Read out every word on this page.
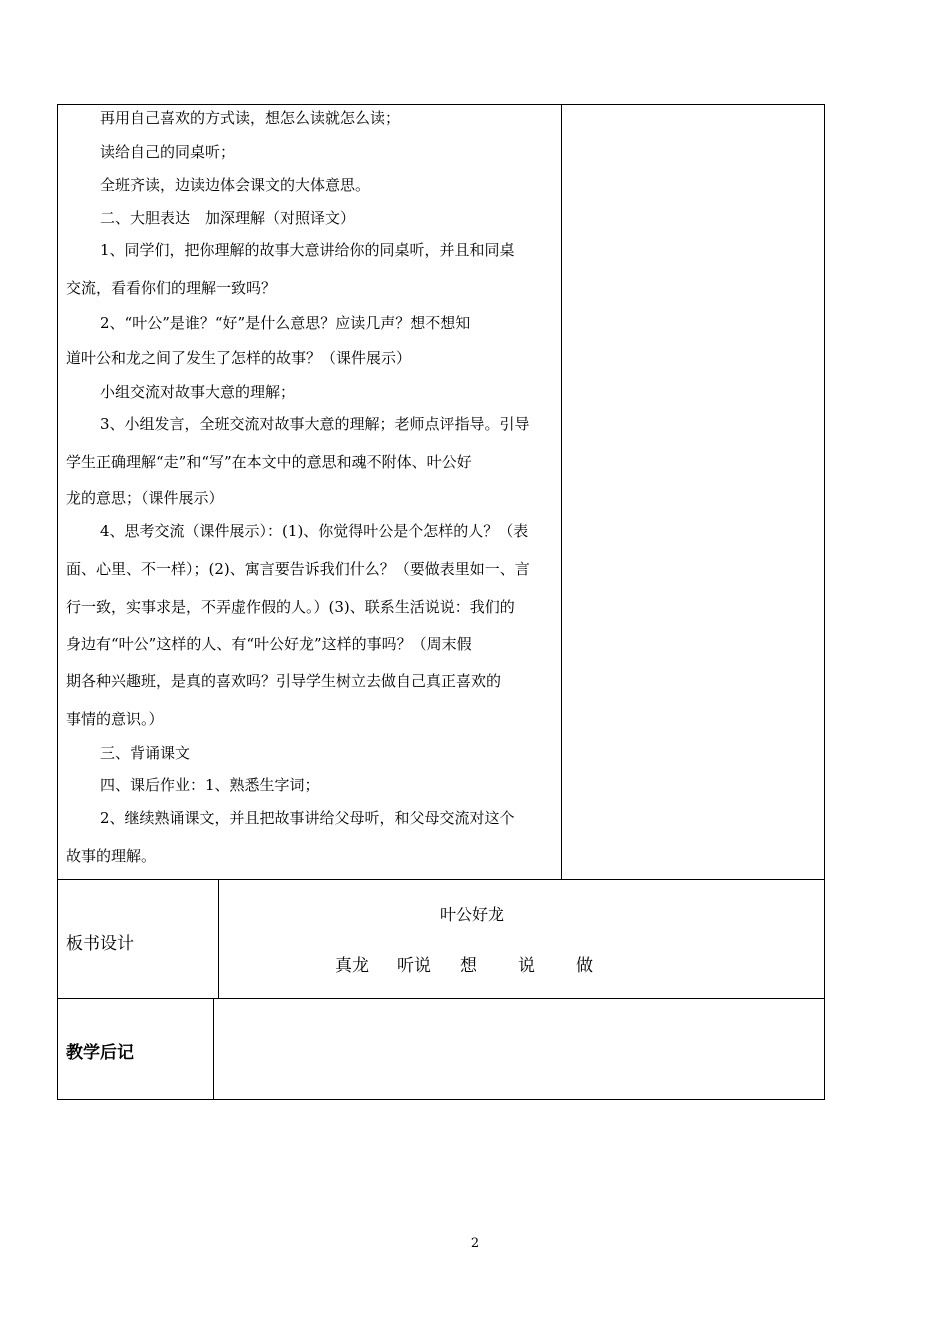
再用自己喜欢的方式读，想怎么读就怎么读；
读给自己的同桌听；
全班齐读，边读边体会课文的大体意思。
二、大胆表达　加深理解（对照译文）
1、同学们，把你理解的故事大意讲给你的同桌听，并且和同桌
交流，看看你们的理解一致吗？
2、“叶公”是谁？“好”是什么意思？应读几声？想不想知
道叶公和龙之间了发生了怎样的故事？（课件展示）
小组交流对故事大意的理解；
3、小组发言，全班交流对故事大意的理解；老师点评指导。引导
学生正确理解“走”和“写”在本文中的意思和魂不附体、叶公好
龙的意思；（课件展示）
4、思考交流（课件展示）：(1)、你觉得叶公是个怎样的人？（表
面、心里、不一样）；(2)、寓言要告诉我们什么？（要做表里如一、言
行一致，实事求是，不弄虚作假的人。）(3)、联系生活说说：我们的
身边有“叶公”这样的人、有“叶公好龙”这样的事吗？（周末假
期各种兴趣班，是真的喜欢吗？引导学生树立去做自己真正喜欢的
事情的意识。）
三、背诵课文
四、课后作业：1、熟悉生字词；
2、继续熟诵课文，并且把故事讲给父母听，和父母交流对这个
故事的理解。
板书设计
叶公好龙
真龙 听说 想 说 做
教学后记
2
